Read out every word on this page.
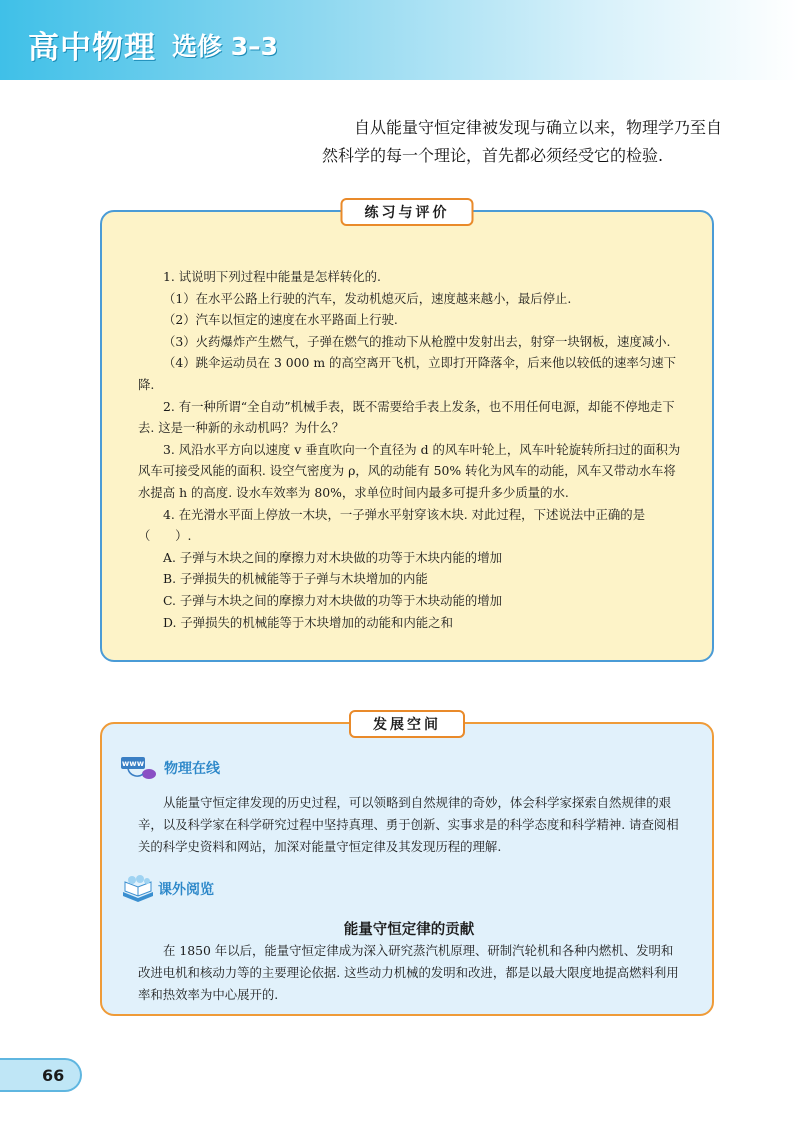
高中物理 选修 3–3
自从能量守恒定律被发现与确立以来，物理学乃至自
然科学的每一个理论，首先都必须经受它的检验.
练习与评价

1. 试说明下列过程中能量是怎样转化的.

（1）在水平公路上行驶的汽车，发动机熄灭后，速度越来越小，最后停止.

（2）汽车以恒定的速度在水平路面上行驶.

（3）火药爆炸产生燃气，子弹在燃气的推动下从枪膛中发射出去，射穿一块钢板，速度减小.

（4）跳伞运动员在 3 000 m 的高空离开飞机，立即打开降落伞，后来他以较低的速率匀速下降.

2. 有一种所谓“全自动”机械手表，既不需要给手表上发条，也不用任何电源，却能不停地走下去. 这是一种新的永动机吗？为什么？

3. 风沿水平方向以速度 v 垂直吹向一个直径为 d 的风车叶轮上，风车叶轮旋转所扫过的面积为风车可接受风能的面积. 设空气密度为 ρ，风的动能有 50% 转化为风车的动能，风车又带动水车将水提高 h 的高度. 设水车效率为 80%，求单位时间内最多可提升多少质量的水.

4. 在光滑水平面上停放一木块，一子弹水平射穿该木块. 对此过程，下述说法中正确的是（　　）.

A. 子弹与木块之间的摩擦力对木块做的功等于木块内能的增加

B. 子弹损失的机械能等于子弹与木块增加的内能

C. 子弹与木块之间的摩擦力对木块做的功等于木块动能的增加

D. 子弹损失的机械能等于木块增加的动能和内能之和

发展空间
www 物理在线

从能量守恒定律发现的历史过程，可以领略到自然规律的奇妙，体会科学家探索自然规律的艰辛，以及科学家在科学研究过程中坚持真理、勇于创新、实事求是的科学态度和科学精神. 请查阅相关的科学史资料和网站，加深对能量守恒定律及其发现历程的理解.

课外阅览
能量守恒定律的贡献

在 1850 年以后，能量守恒定律成为深入研究蒸汽机原理、研制汽轮机和各种内燃机、发明和改进电机和核动力等的主要理论依据. 这些动力机械的发明和改进，都是以最大限度地提高燃料利用率和热效率为中心展开的.

66
